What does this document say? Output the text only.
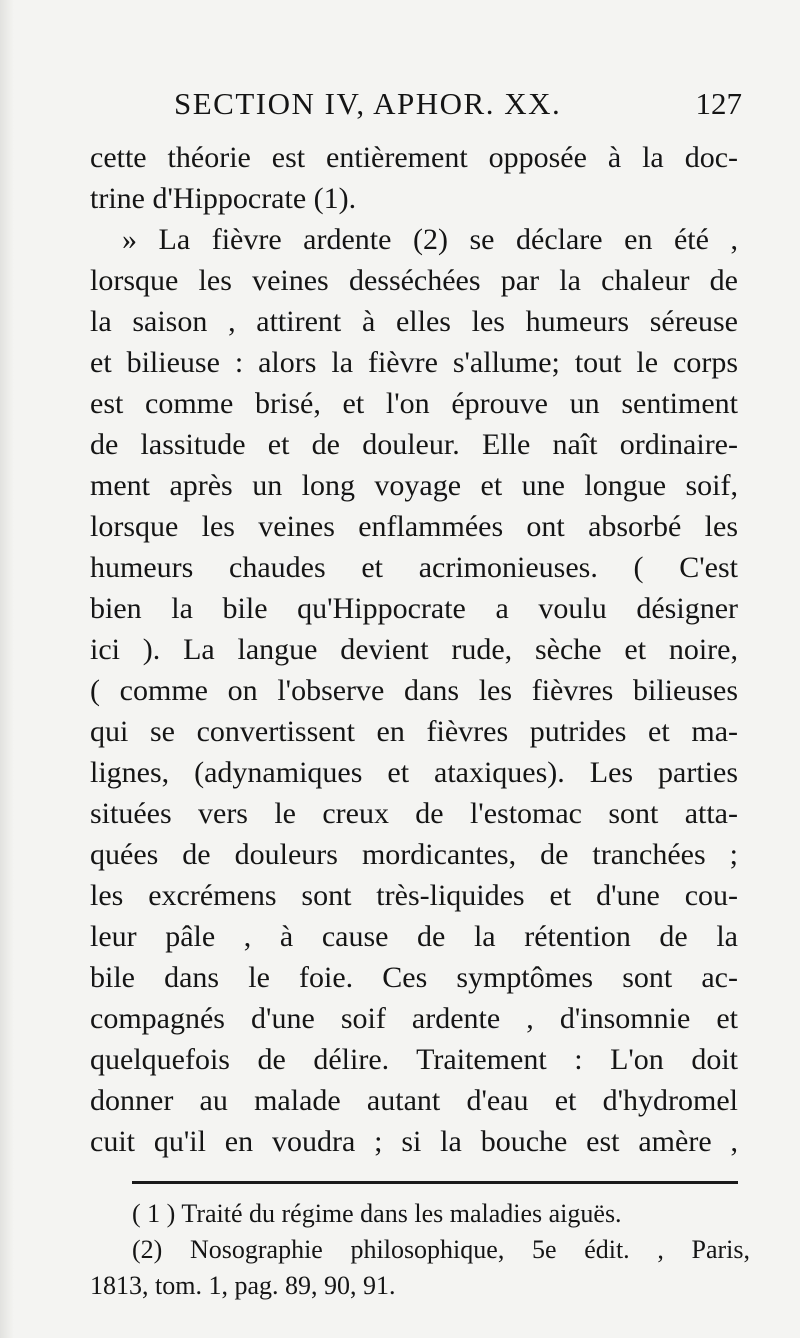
SECTION IV, APHOR. XX.	127
cette théorie est entièrement opposée à la doc-
trine d'Hippocrate (1).
» La fièvre ardente (2) se déclare en été ,
lorsque les veines desséchées par la chaleur de
la saison , attirent à elles les humeurs séreuse
et bilieuse : alors la fièvre s'allume; tout le corps
est comme brisé, et l'on éprouve un sentiment
de lassitude et de douleur. Elle naît ordinaire-
ment après un long voyage et une longue soif,
lorsque les veines enflammées ont absorbé les
humeurs chaudes et acrimonieuses. ( C'est
bien la bile qu'Hippocrate a voulu désigner
ici ). La langue devient rude, sèche et noire,
( comme on l'observe dans les fièvres bilieuses
qui se convertissent en fièvres putrides et ma-
lignes, (adynamiques et ataxiques). Les parties
situées vers le creux de l'estomac sont atta-
quées de douleurs mordicantes, de tranchées ;
les excrémens sont très-liquides et d'une cou-
leur pâle , à cause de la rétention de la
bile dans le foie. Ces symptômes sont ac-
compagnés d'une soif ardente , d'insomnie et
quelquefois de délire. Traitement : L'on doit
donner au malade autant d'eau et d'hydromel
cuit qu'il en voudra ; si la bouche est amère ,
( 1 ) Traité du régime dans les maladies aiguës.
(2) Nosographie philosophique, 5e édit. , Paris,
1813, tom. 1, pag. 89, 90, 91.
